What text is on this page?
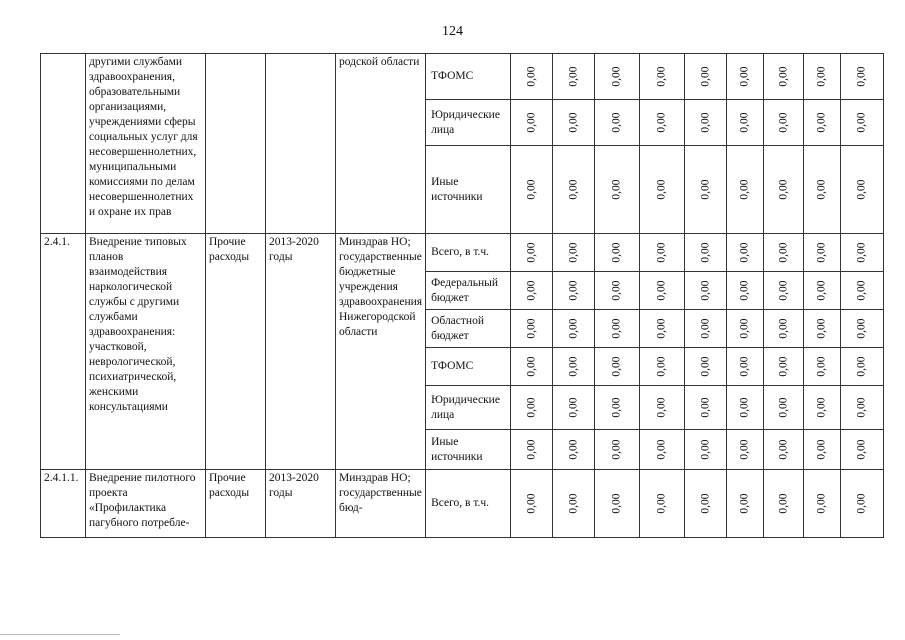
124
	другими службами здравоохранения, образовательными организациями, учреждениями сферы социальных услуг для несовершеннолетних, муниципальными комиссиями по делам несовершеннолетних и охране их прав			родской области	ТФОМС	0,00	0,00	0,00	0,00	0,00	0,00	0,00	0,00	0,00
					Юридические лица	0,00	0,00	0,00	0,00	0,00	0,00	0,00	0,00	0,00
					Иные источники	0,00	0,00	0,00	0,00	0,00	0,00	0,00	0,00	0,00
2.4.1.	Внедрение типовых планов взаимодействия наркологической службы с другими службами здравоохранения: участковой, неврологической, психиатрической, женскими консультациями	Прочие расходы	2013-2020 годы	Минздрав НО; государственные бюджетные учреждения здравоохранения Нижегородской области	Всего, в т.ч.	0,00	0,00	0,00	0,00	0,00	0,00	0,00	0,00	0,00
					Федеральный бюджет	0,00	0,00	0,00	0,00	0,00	0,00	0,00	0,00	0,00
					Областной бюджет	0,00	0,00	0,00	0,00	0,00	0,00	0,00	0,00	0,00
					ТФОМС	0,00	0,00	0,00	0,00	0,00	0,00	0,00	0,00	0,00
					Юридические лица	0,00	0,00	0,00	0,00	0,00	0,00	0,00	0,00	0,00
					Иные источники	0,00	0,00	0,00	0,00	0,00	0,00	0,00	0,00	0,00
2.4.1.1.	Внедрение пилотного проекта «Профилактика пагубного потребле-	Прочие расходы	2013-2020 годы	Минздрав НО; государственные бюд-	Всего, в т.ч.	0,00	0,00	0,00	0,00	0,00	0,00	0,00	0,00	0,00
